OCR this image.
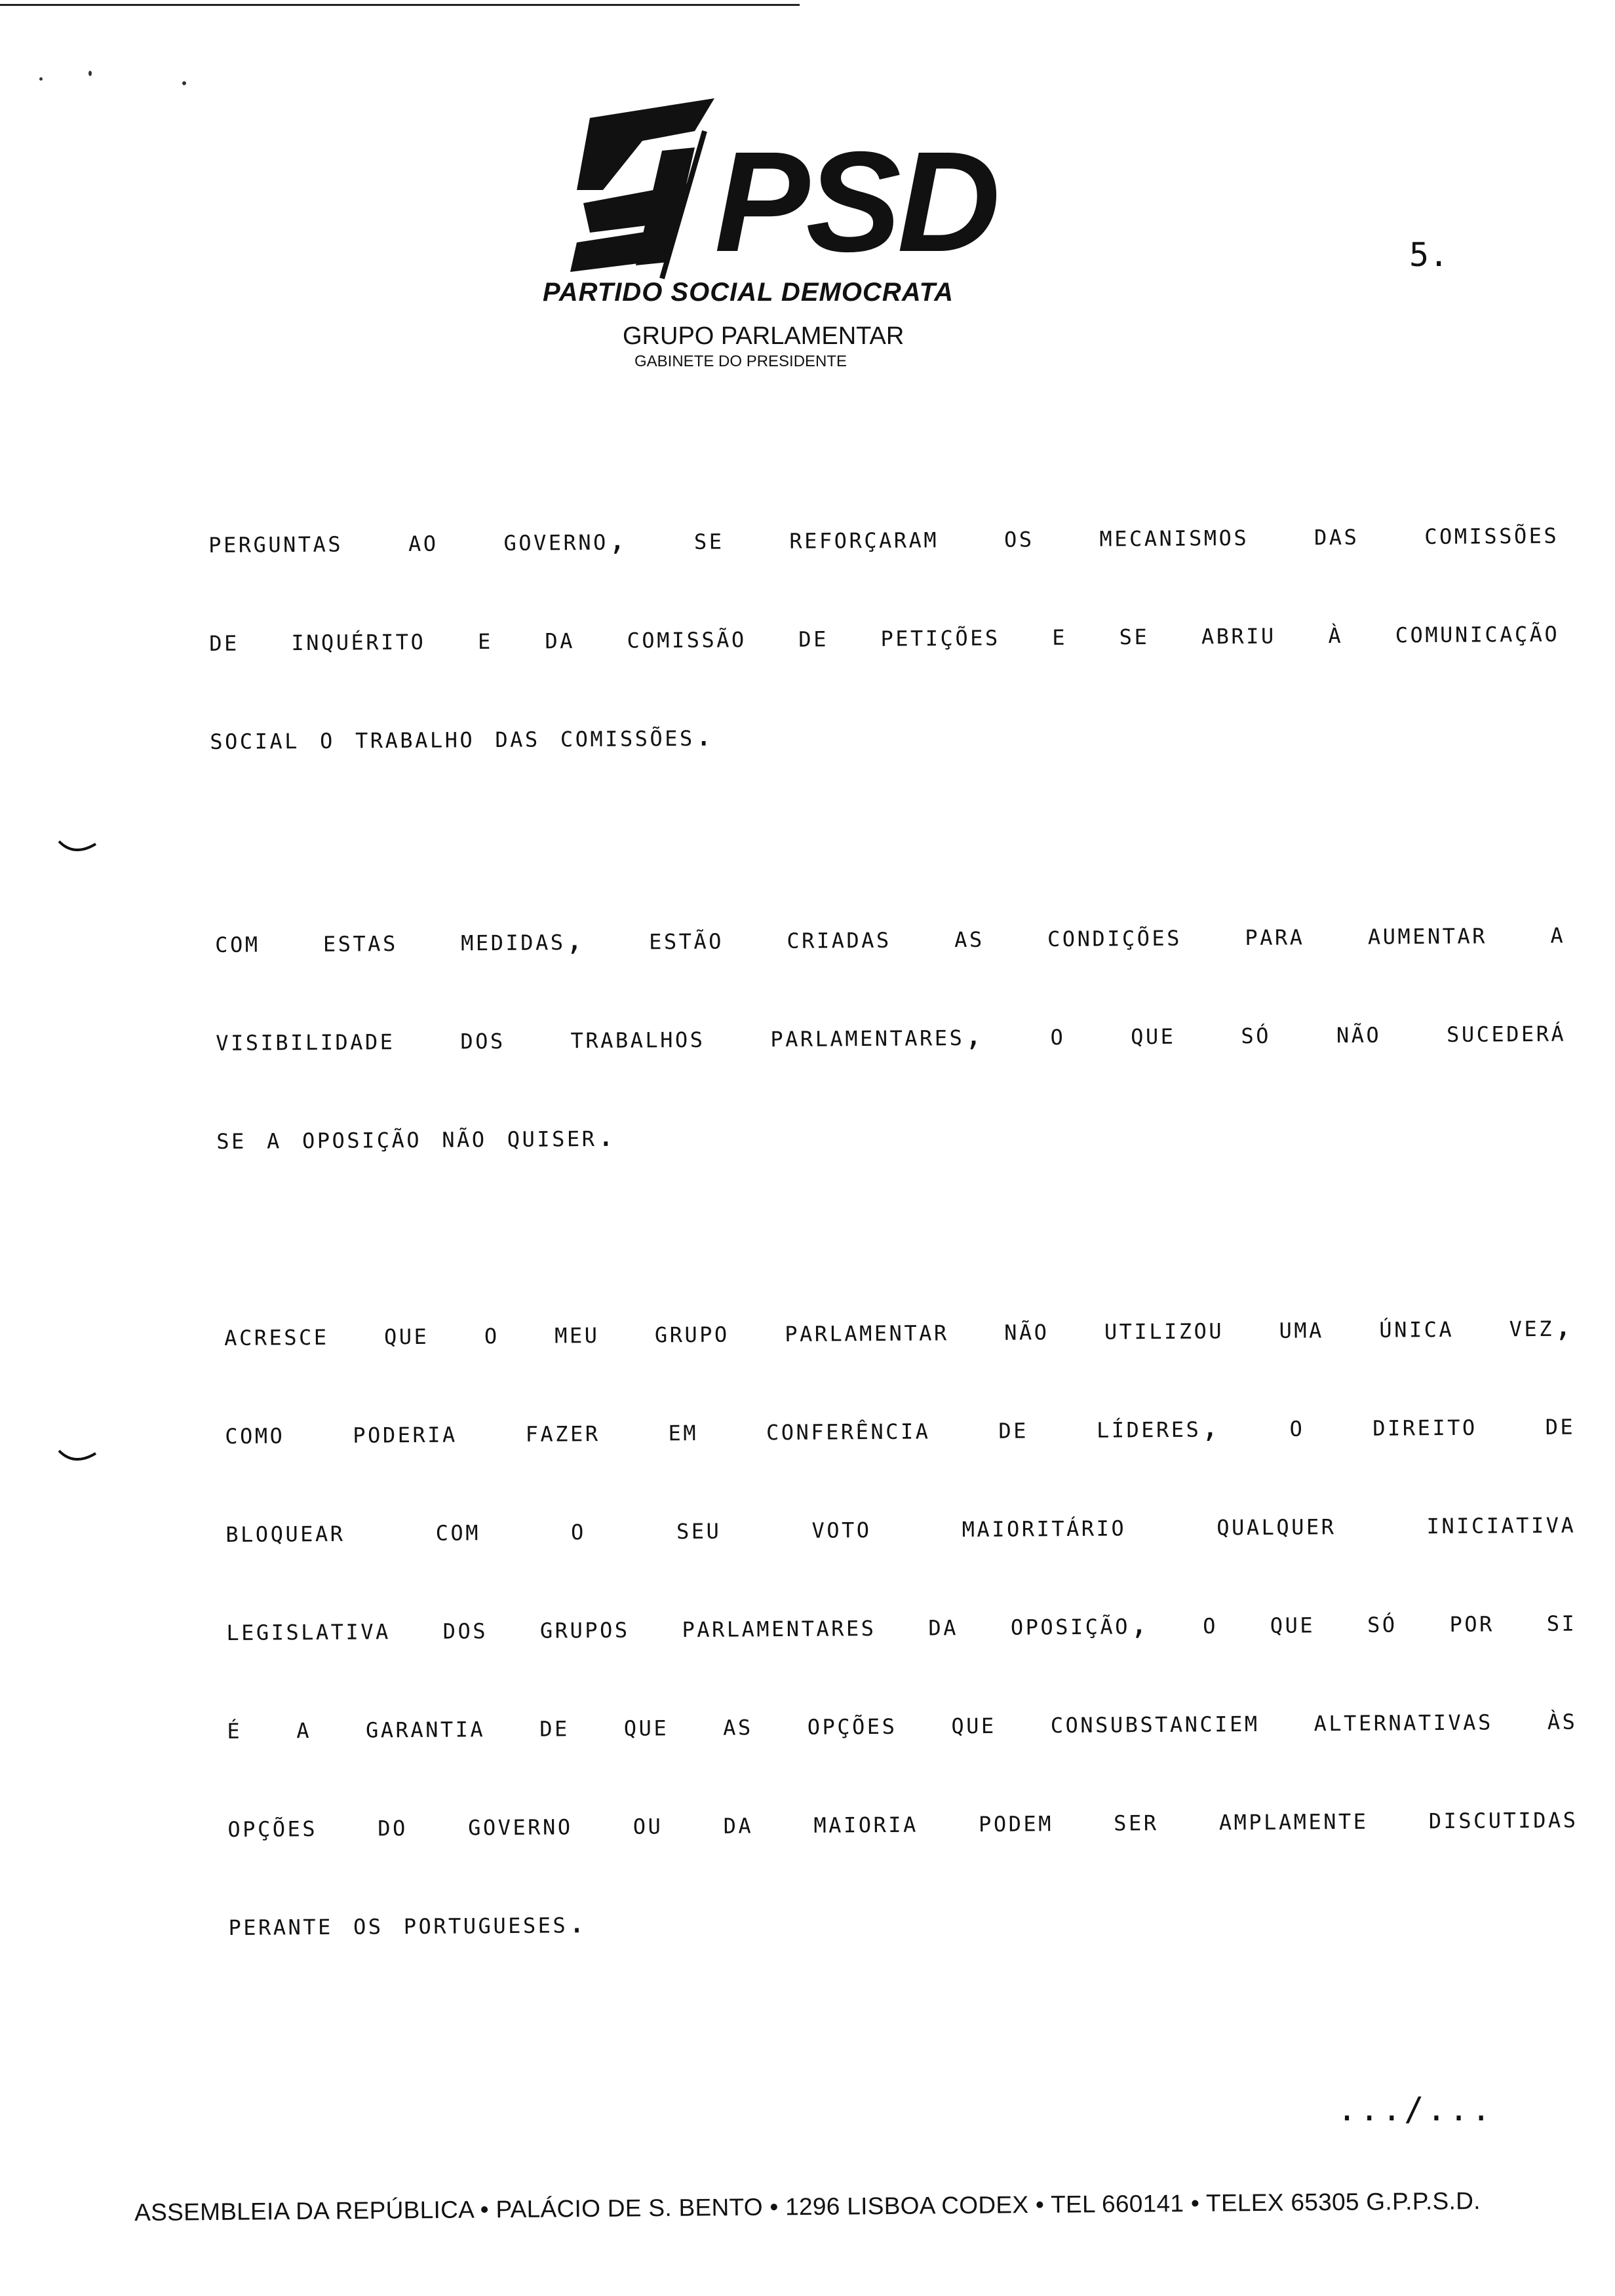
PSD
PARTIDO SOCIAL DEMOCRATA
GRUPO PARLAMENTAR
GABINETE DO PRESIDENTE
5.
perguntas ao governo, se reforçaram os mecanismos das comissões
de inquérito e da comissão de petições e se abriu à comunicação
social o trabalho das comissões.
com estas medidas, estão criadas as condições para aumentar a
visibilidade dos trabalhos parlamentares, o que só não sucederá
se a oposição não quiser.
acresce que o meu grupo parlamentar não utilizou uma única vez,
como poderia fazer em conferência de líderes, o direito de
bloquear com o seu voto maioritário qualquer iniciativa
legislativa dos grupos parlamentares da oposição, o que só por si
é a garantia de que as opções que consubstanciem alternativas às
opções do governo ou da maioria podem ser amplamente discutidas
perante os portugueses.
.../...
ASSEMBLEIA DA REPÚBLICA • PALÁCIO DE S. BENTO • 1296 LISBOA CODEX • TEL 660141 • TELEX 65305 G.P.P.S.D.
